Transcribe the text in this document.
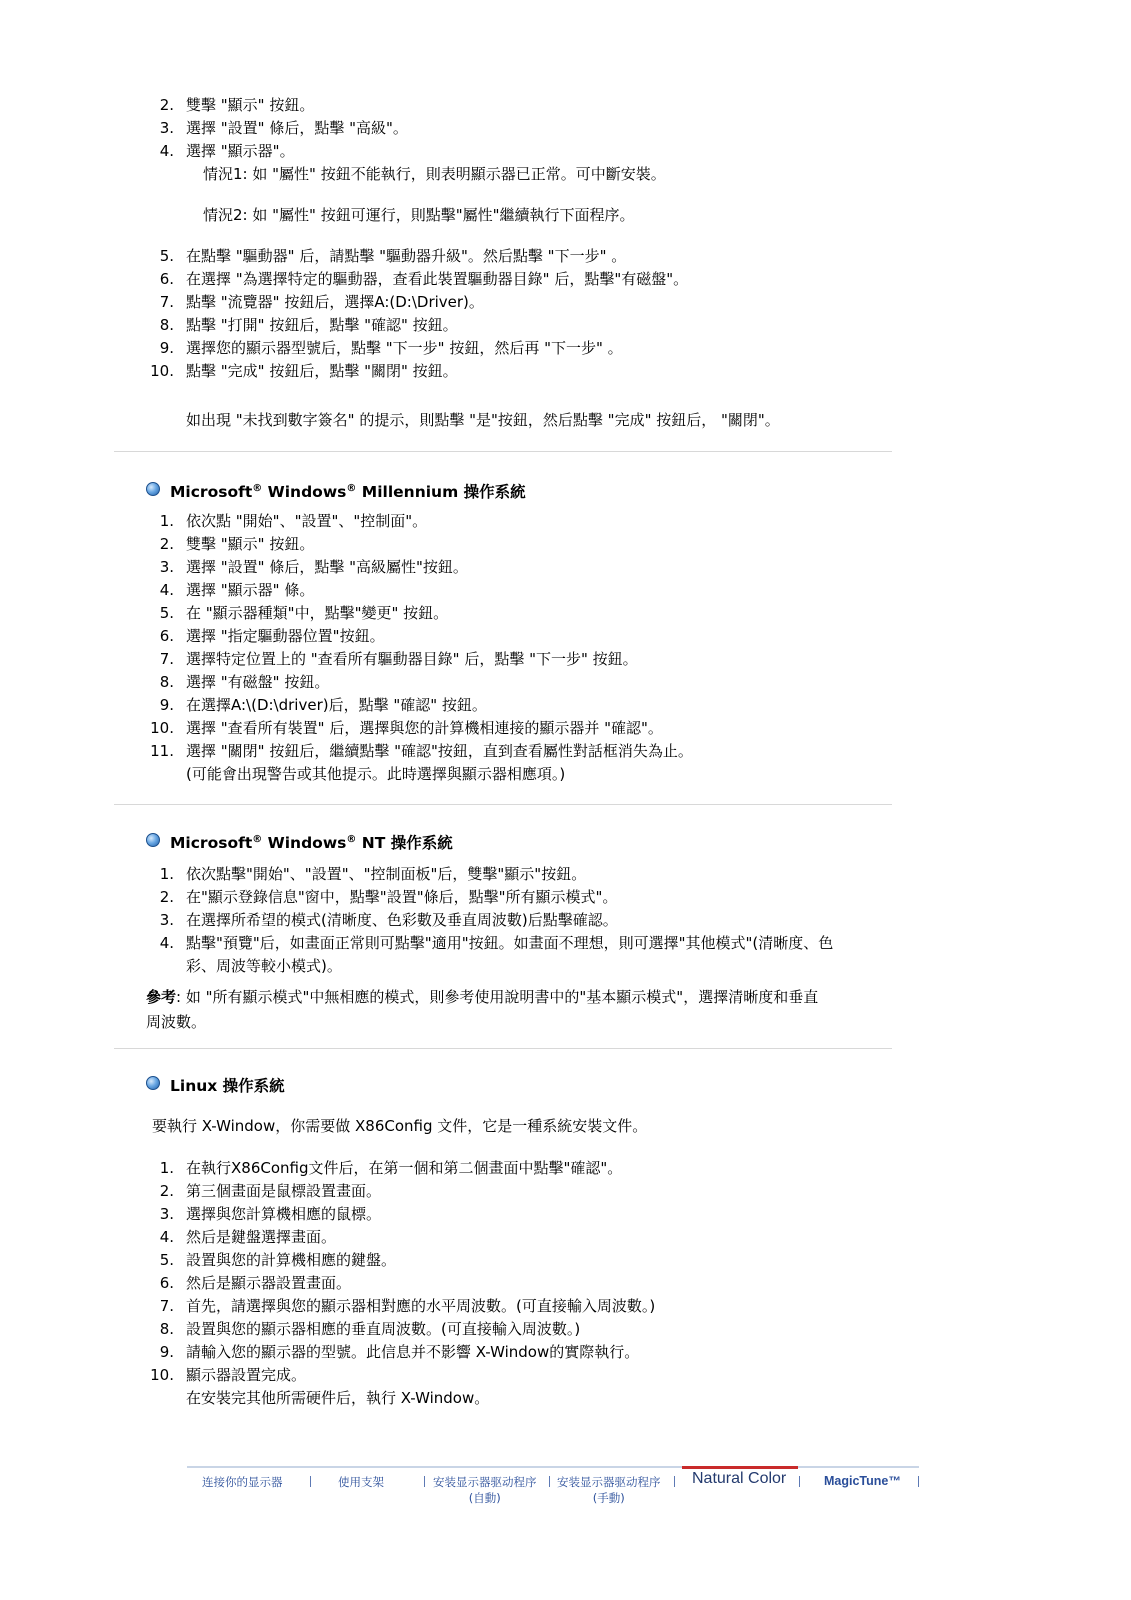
2. 雙擊 "顯示" 按鈕。
3. 選擇 "設置" 條后，點擊 "高級"。
4. 選擇 "顯示器"。
情況1: 如 "屬性" 按鈕不能執行，則表明顯示器已正常。可中斷安裝。
情況2: 如 "屬性" 按鈕可運行，則點擊"屬性"繼續執行下面程序。
5. 在點擊 "驅動器" 后，請點擊 "驅動器升級"。然后點擊 "下一步" 。
6. 在選擇 "為選擇特定的驅動器，查看此裝置驅動器目錄" 后，點擊"有磁盤"。
7. 點擊 "流覽器" 按鈕后，選擇A:(D:\Driver)。
8. 點擊 "打開" 按鈕后，點擊 "確認" 按鈕。
9. 選擇您的顯示器型號后，點擊 "下一步" 按鈕，然后再 "下一步" 。
10. 點擊 "完成" 按鈕后，點擊 "關閉" 按鈕。
如出現 "未找到數字簽名" 的提示，則點擊 "是"按鈕，然后點擊 "完成" 按鈕后， "關閉"。
Microsoft® Windows® Millennium 操作系統
1. 依次點 "開始"、"設置"、"控制面"。
2. 雙擊 "顯示" 按鈕。
3. 選擇 "設置" 條后，點擊 "高級屬性"按鈕。
4. 選擇 "顯示器" 條。
5. 在 "顯示器種類"中，點擊"變更" 按鈕。
6. 選擇 "指定驅動器位置"按鈕。
7. 選擇特定位置上的 "查看所有驅動器目錄" 后，點擊 "下一步" 按鈕。
8. 選擇 "有磁盤" 按鈕。
9. 在選擇A:\(D:\driver)后，點擊 "確認" 按鈕。
10. 選擇 "查看所有裝置" 后，選擇與您的計算機相連接的顯示器并 "確認"。
11. 選擇 "關閉" 按鈕后，繼續點擊 "確認"按鈕，直到查看屬性對話框消失為止。
(可能會出現警告或其他提示。此時選擇與顯示器相應項。)
Microsoft® Windows® NT 操作系統
1. 依次點擊"開始"、"設置"、"控制面板"后，雙擊"顯示"按鈕。
2. 在"顯示登錄信息"窗中，點擊"設置"條后，點擊"所有顯示模式"。
3. 在選擇所希望的模式(清晰度、色彩數及垂直周波數)后點擊確認。
4. 點擊"預覽"后，如畫面正常則可點擊"適用"按鈕。如畫面不理想，則可選擇"其他模式"(清晰度、色
彩、周波等較小模式)。
參考: 如 "所有顯示模式"中無相應的模式，則參考使用說明書中的"基本顯示模式"，選擇清晰度和垂直
周波數。
Linux 操作系統
要執行 X-Window，你需要做 X86Config 文件，它是一種系統安裝文件。
1. 在執行X86Config文件后，在第一個和第二個畫面中點擊"確認"。
2. 第三個畫面是鼠標設置畫面。
3. 選擇與您計算機相應的鼠標。
4. 然后是鍵盤選擇畫面。
5. 設置與您的計算機相應的鍵盤。
6. 然后是顯示器設置畫面。
7. 首先，請選擇與您的顯示器相對應的水平周波數。(可直接輸入周波數。)
8. 設置與您的顯示器相應的垂直周波數。(可直接輸入周波數。)
9. 請輸入您的顯示器的型號。此信息并不影響 X-Window的實際執行。
10. 顯示器設置完成。
在安裝完其他所需硬件后，執行 X-Window。
连接你的显示器	使用支架	安装显示器驱动程序
(自動)
安装显示器驱动程序
(手動)
Natural Color	MagicTune™
